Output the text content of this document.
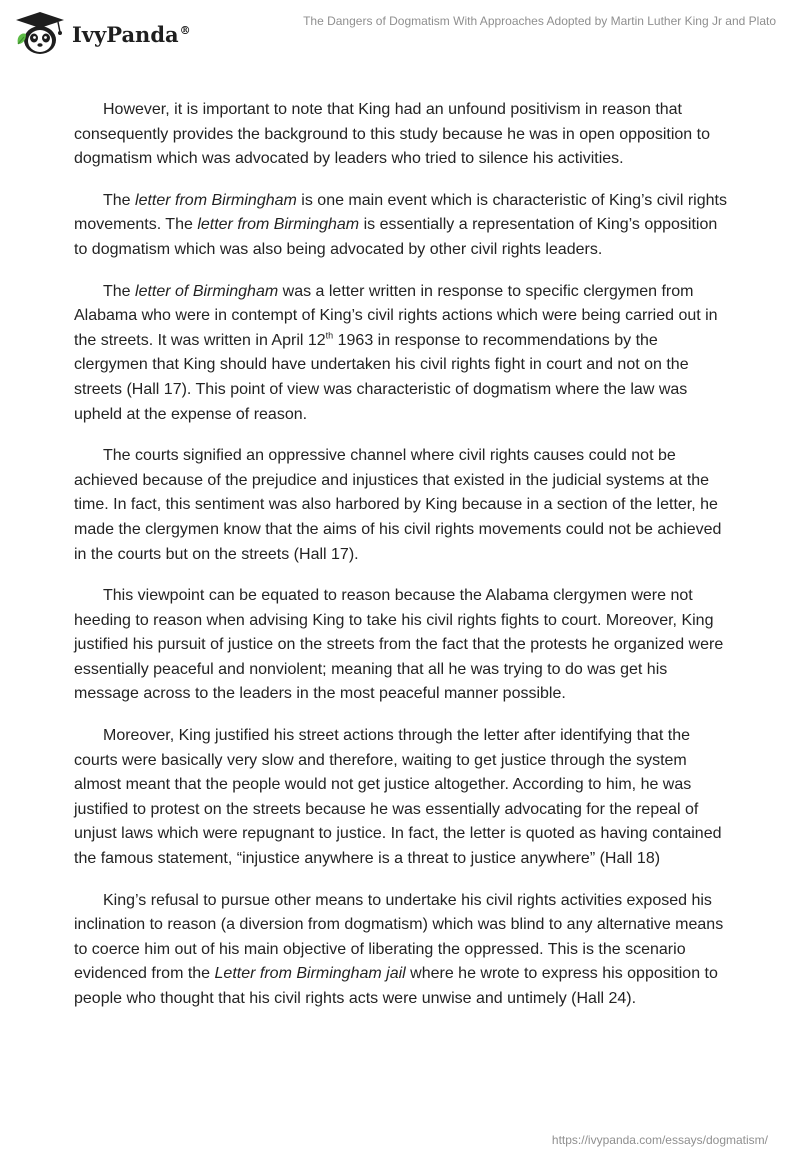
IvyPanda®
The Dangers of Dogmatism With Approaches Adopted by Martin Luther King Jr and Plato

However, it is important to note that King had an unfound positivism in reason that consequently provides the background to this study because he was in open opposition to dogmatism which was advocated by leaders who tried to silence his activities.

The letter from Birmingham is one main event which is characteristic of King’s civil rights movements. The letter from Birmingham is essentially a representation of King’s opposition to dogmatism which was also being advocated by other civil rights leaders.

The letter of Birmingham was a letter written in response to specific clergymen from Alabama who were in contempt of King’s civil rights actions which were being carried out in the streets. It was written in April 12th 1963 in response to recommendations by the clergymen that King should have undertaken his civil rights fight in court and not on the streets (Hall 17). This point of view was characteristic of dogmatism where the law was upheld at the expense of reason.

The courts signified an oppressive channel where civil rights causes could not be achieved because of the prejudice and injustices that existed in the judicial systems at the time. In fact, this sentiment was also harbored by King because in a section of the letter, he made the clergymen know that the aims of his civil rights movements could not be achieved in the courts but on the streets (Hall 17).

This viewpoint can be equated to reason because the Alabama clergymen were not heeding to reason when advising King to take his civil rights fights to court. Moreover, King justified his pursuit of justice on the streets from the fact that the protests he organized were essentially peaceful and nonviolent; meaning that all he was trying to do was get his message across to the leaders in the most peaceful manner possible.

Moreover, King justified his street actions through the letter after identifying that the courts were basically very slow and therefore, waiting to get justice through the system almost meant that the people would not get justice altogether. According to him, he was justified to protest on the streets because he was essentially advocating for the repeal of unjust laws which were repugnant to justice. In fact, the letter is quoted as having contained the famous statement, “injustice anywhere is a threat to justice anywhere” (Hall 18)

King’s refusal to pursue other means to undertake his civil rights activities exposed his inclination to reason (a diversion from dogmatism) which was blind to any alternative means to coerce him out of his main objective of liberating the oppressed. This is the scenario evidenced from the Letter from Birmingham jail where he wrote to express his opposition to people who thought that his civil rights acts were unwise and untimely (Hall 24).

https://ivypanda.com/essays/dogmatism/
